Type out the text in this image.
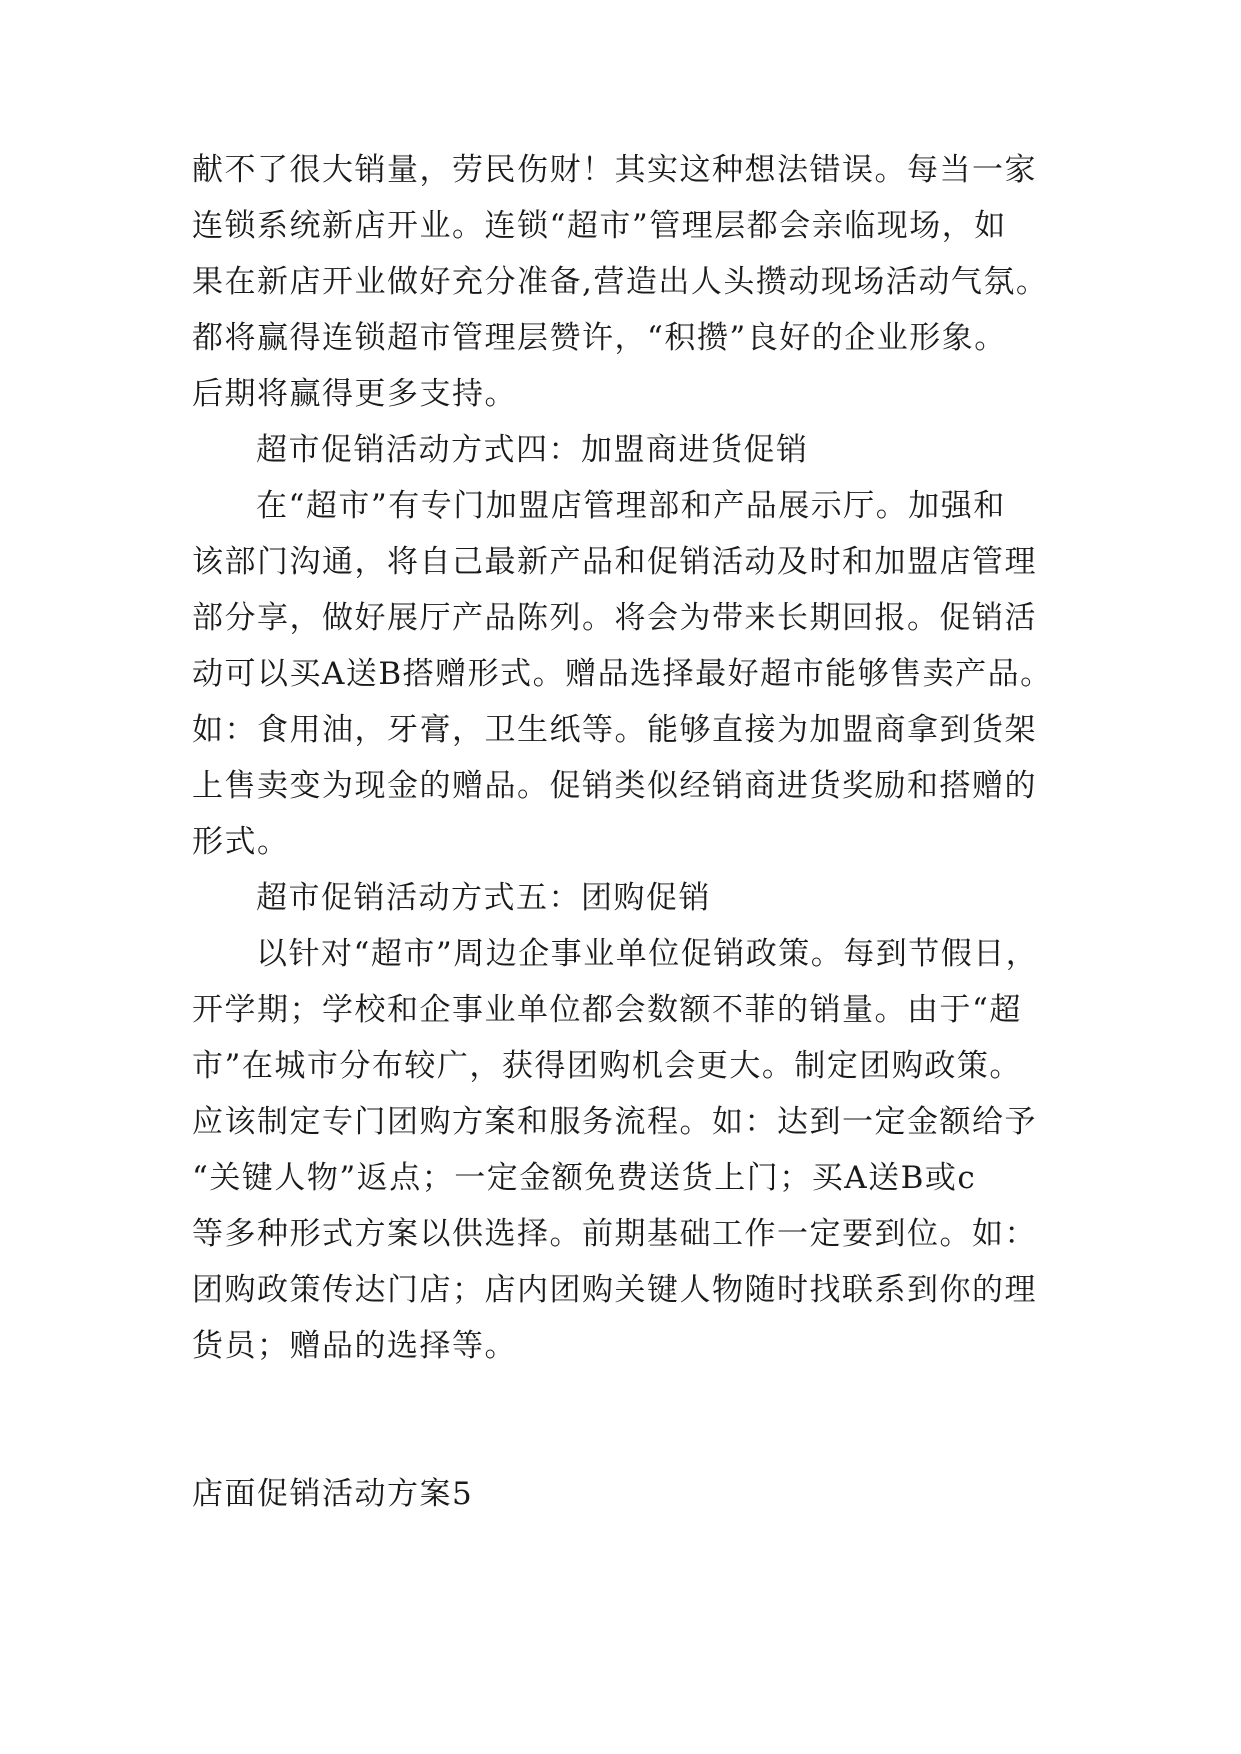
献不了很大销量，劳民伤财！其实这种想法错误。每当一家
连锁系统新店开业。连锁“超市”管理层都会亲临现场，如
果在新店开业做好充分准备,营造出人头攒动现场活动气氛。
都将赢得连锁超市管理层赞许，“积攒”良好的企业形象。
后期将赢得更多支持。
超市促销活动方式四：加盟商进货促销
在“超市”有专门加盟店管理部和产品展示厅。加强和
该部门沟通，将自己最新产品和促销活动及时和加盟店管理
部分享，做好展厅产品陈列。将会为带来长期回报。促销活
动可以买A送B搭赠形式。赠品选择最好超市能够售卖产品。
如：食用油，牙膏，卫生纸等。能够直接为加盟商拿到货架
上售卖变为现金的赠品。促销类似经销商进货奖励和搭赠的
形式。
超市促销活动方式五：团购促销
以针对“超市”周边企事业单位促销政策。每到节假日，
开学期；学校和企事业单位都会数额不菲的销量。由于“超
市”在城市分布较广，获得团购机会更大。制定团购政策。
应该制定专门团购方案和服务流程。如：达到一定金额给予
“关键人物”返点；一定金额免费送货上门；买A送B或c
等多种形式方案以供选择。前期基础工作一定要到位。如：
团购政策传达门店；店内团购关键人物随时找联系到你的理
货员；赠品的选择等。
店面促销活动方案5
